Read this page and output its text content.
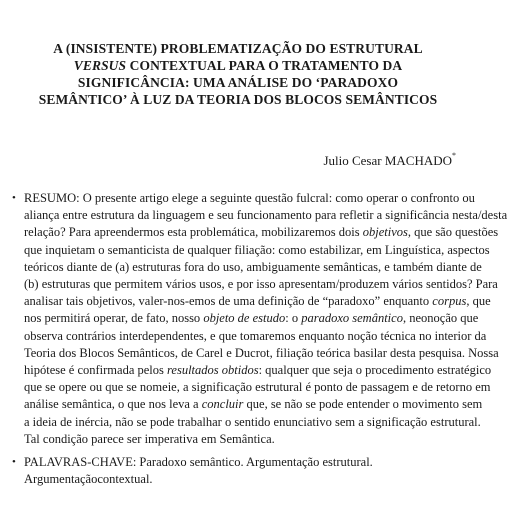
A (INSISTENTE) PROBLEMATIZAÇÃO DO ESTRUTURAL
VERSUS CONTEXTUAL PARA O TRATAMENTO DA
SIGNIFICÂNCIA: UMA ANÁLISE DO ‘PARADOXO
SEMÂNTICO’ À LUZ DA TEORIA DOS BLOCOS SEMÂNTICOS
Julio Cesar MACHADO*
• RESUMO: O presente artigo elege a seguinte questão fulcral: como operar o confronto ou
aliança entre estrutura da linguagem e seu funcionamento para refletir a significância nesta/desta
relação? Para apreendermos esta problemática, mobilizaremos dois objetivos, que são questões
que inquietam o semanticista de qualquer filiação: como estabilizar, em Linguística, aspectos
teóricos diante de (a) estruturas fora do uso, ambiguamente semânticas, e também diante de
(b) estruturas que permitem vários usos, e por isso apresentam/produzem vários sentidos? Para
analisar tais objetivos, valer-nos-emos de uma definição de “paradoxo” enquanto corpus, que
nos permitirá operar, de fato, nosso objeto de estudo: o paradoxo semântico, neonoção que
observa contrários interdependentes, e que tomaremos enquanto noção técnica no interior da
Teoria dos Blocos Semânticos, de Carel e Ducrot, filiação teórica basilar desta pesquisa. Nossa
hipótese é confirmada pelos resultados obtidos: qualquer que seja o procedimento estratégico
que se opere ou que se nomeie, a significação estrutural é ponto de passagem e de retorno em
análise semântica, o que nos leva a concluir que, se não se pode entender o movimento sem
a ideia de inércia, não se pode trabalhar o sentido enunciativo sem a significação estrutural.
Tal condição parece ser imperativa em Semântica.
• PALAVRAS-CHAVE: Paradoxo semântico. Argumentação estrutural. Argumentaçãocontextual.
